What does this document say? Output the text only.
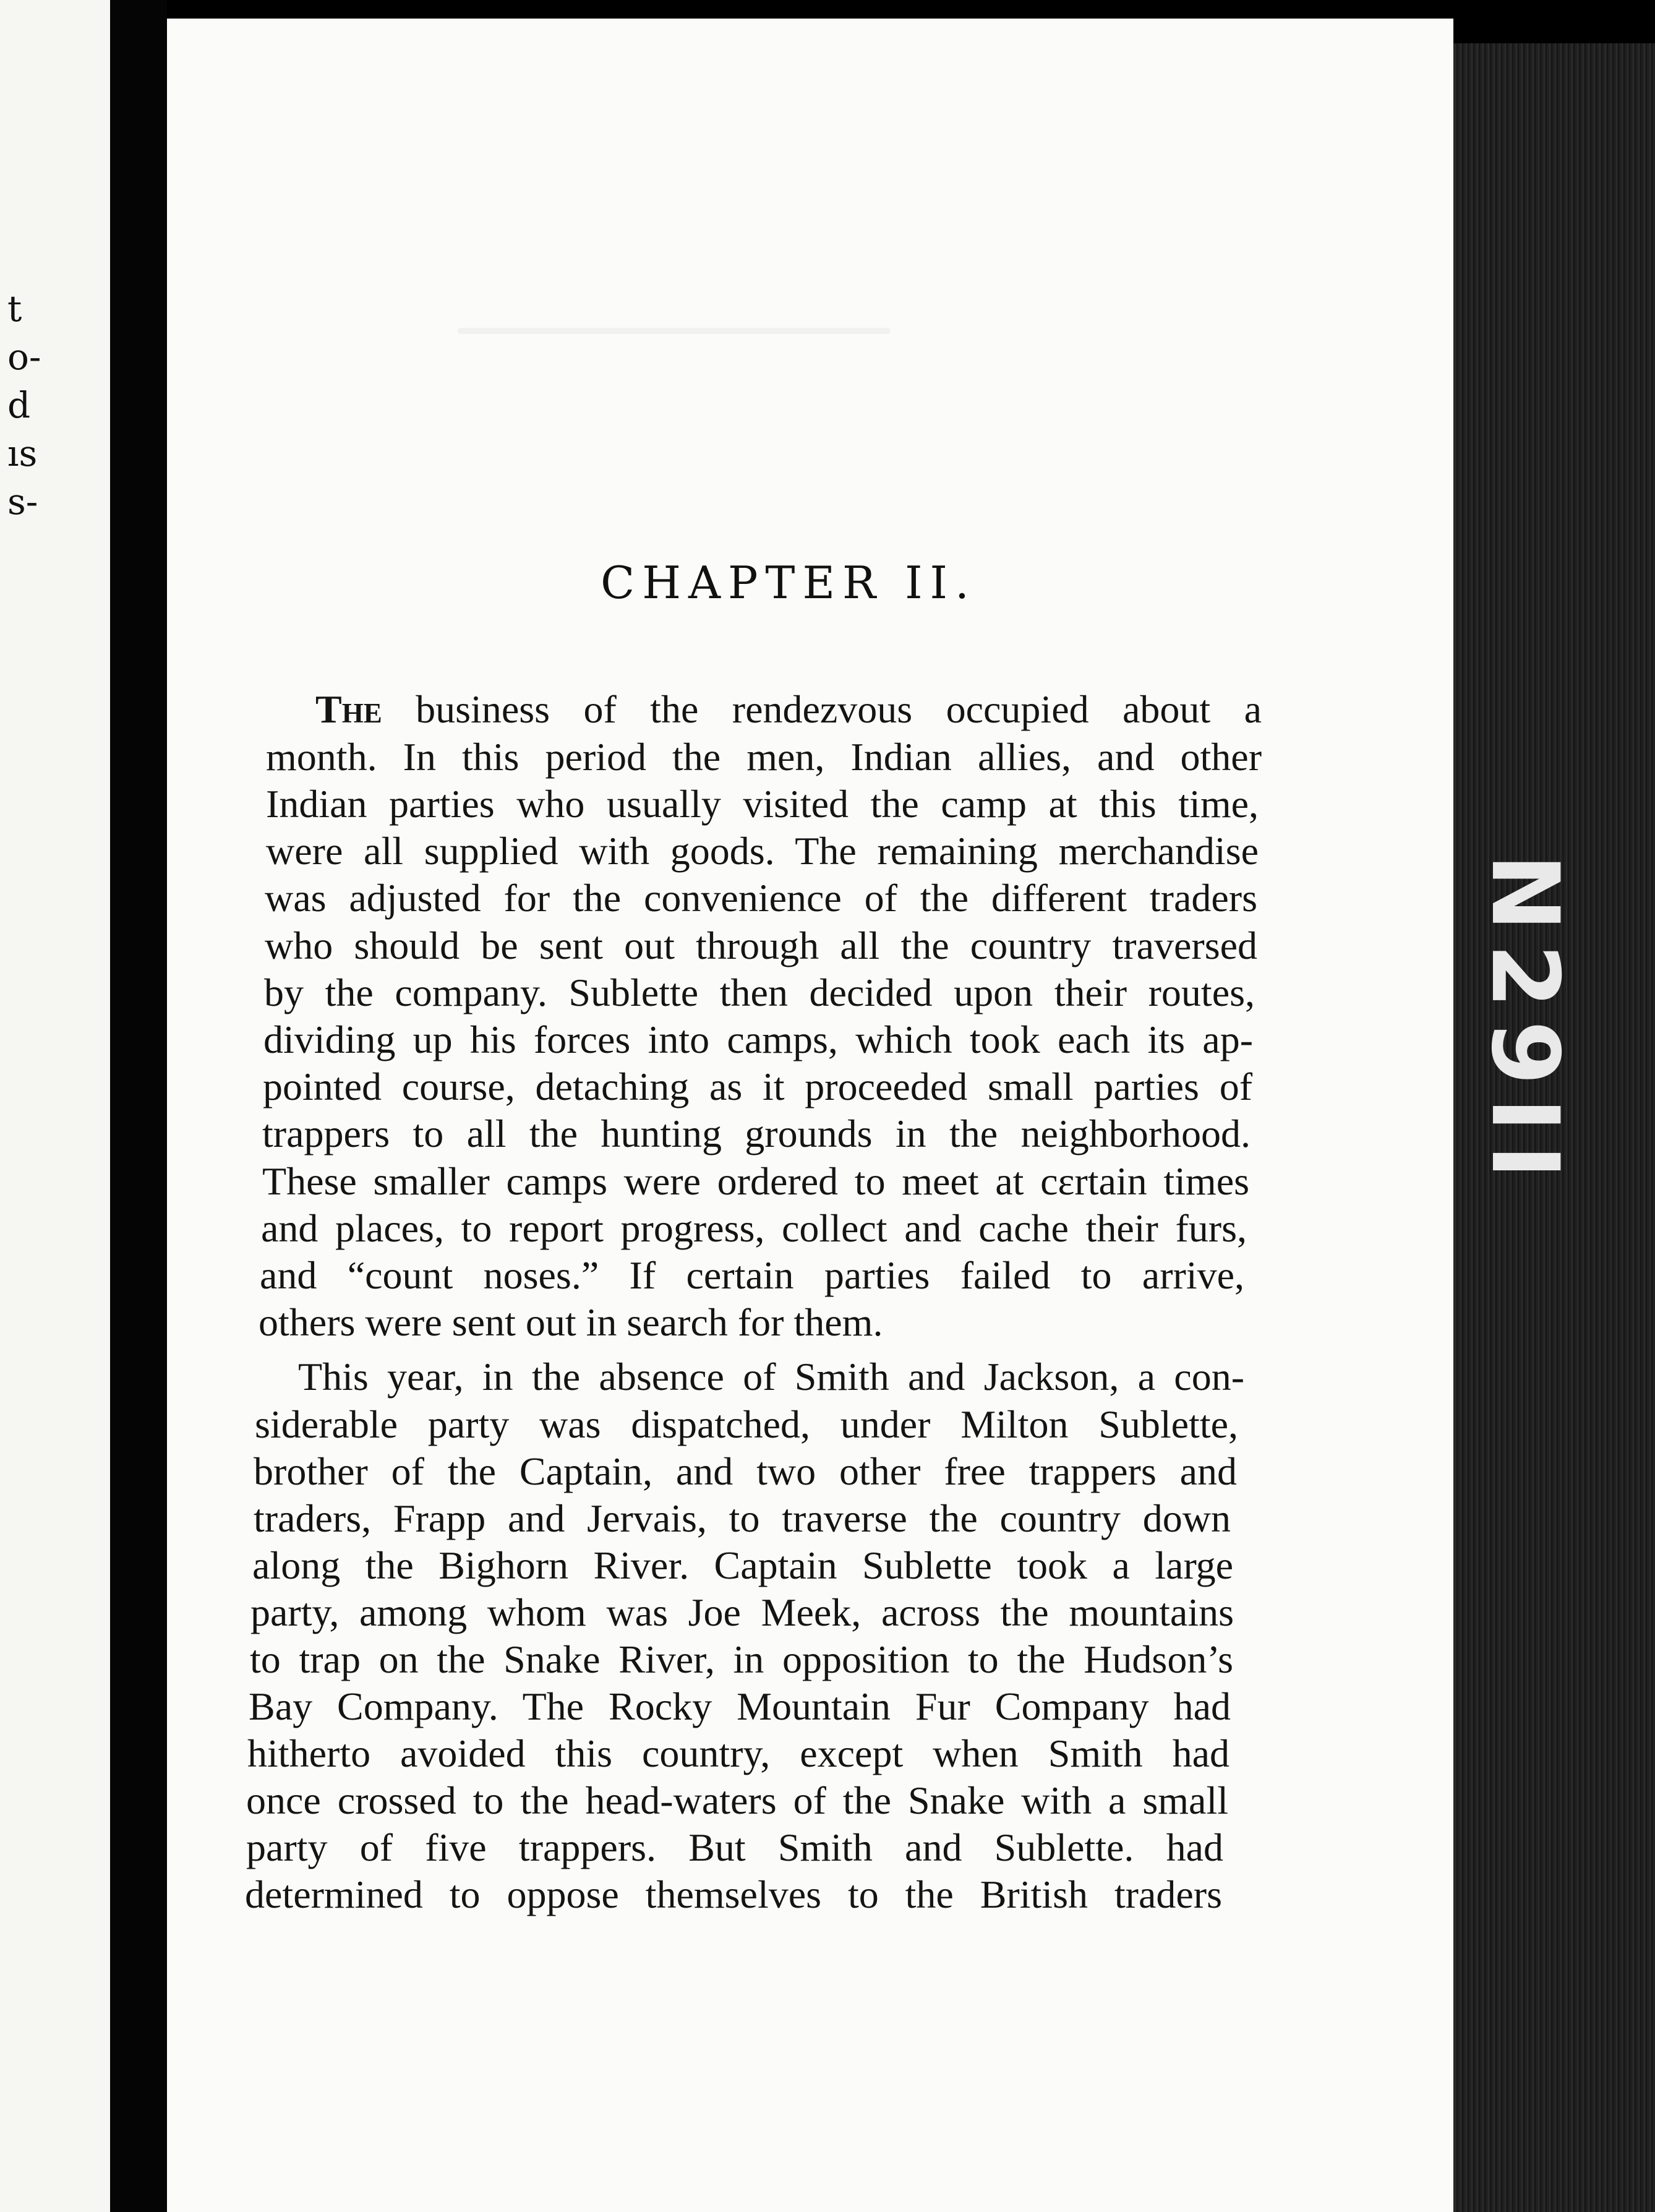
t
o-
d
ıs
s-
N29II
CHAPTER II.
The business of the rendezvous occupied about a
month. In this period the men, Indian allies, and other
Indian parties who usually visited the camp at this time,
were all supplied with goods. The remaining merchandise
was adjusted for the convenience of the different traders
who should be sent out through all the country traversed
by the company. Sublette then decided upon their routes,
dividing up his forces into camps, which took each its ap-
pointed course, detaching as it proceeded small parties of
trappers to all the hunting grounds in the neighborhood.
These smaller camps were ordered to meet at cɛrtain times
and places, to report progress, collect and cache their furs,
and “count noses.” If certain parties failed to arrive,
others were sent out in search for them.
This year, in the absence of Smith and Jackson, a con-
siderable party was dispatched, under Milton Sublette,
brother of the Captain, and two other free trappers and
traders, Frapp and Jervais, to traverse the country down
along the Bighorn River. Captain Sublette took a large
party, among whom was Joe Meek, across the mountains
to trap on the Snake River, in opposition to the Hudson’s
Bay Company. The Rocky Mountain Fur Company had
hitherto avoided this country, except when Smith had
once crossed to the head-waters of the Snake with a small
party of five trappers. But Smith and Sublette. had
determined to oppose themselves to the British traders
